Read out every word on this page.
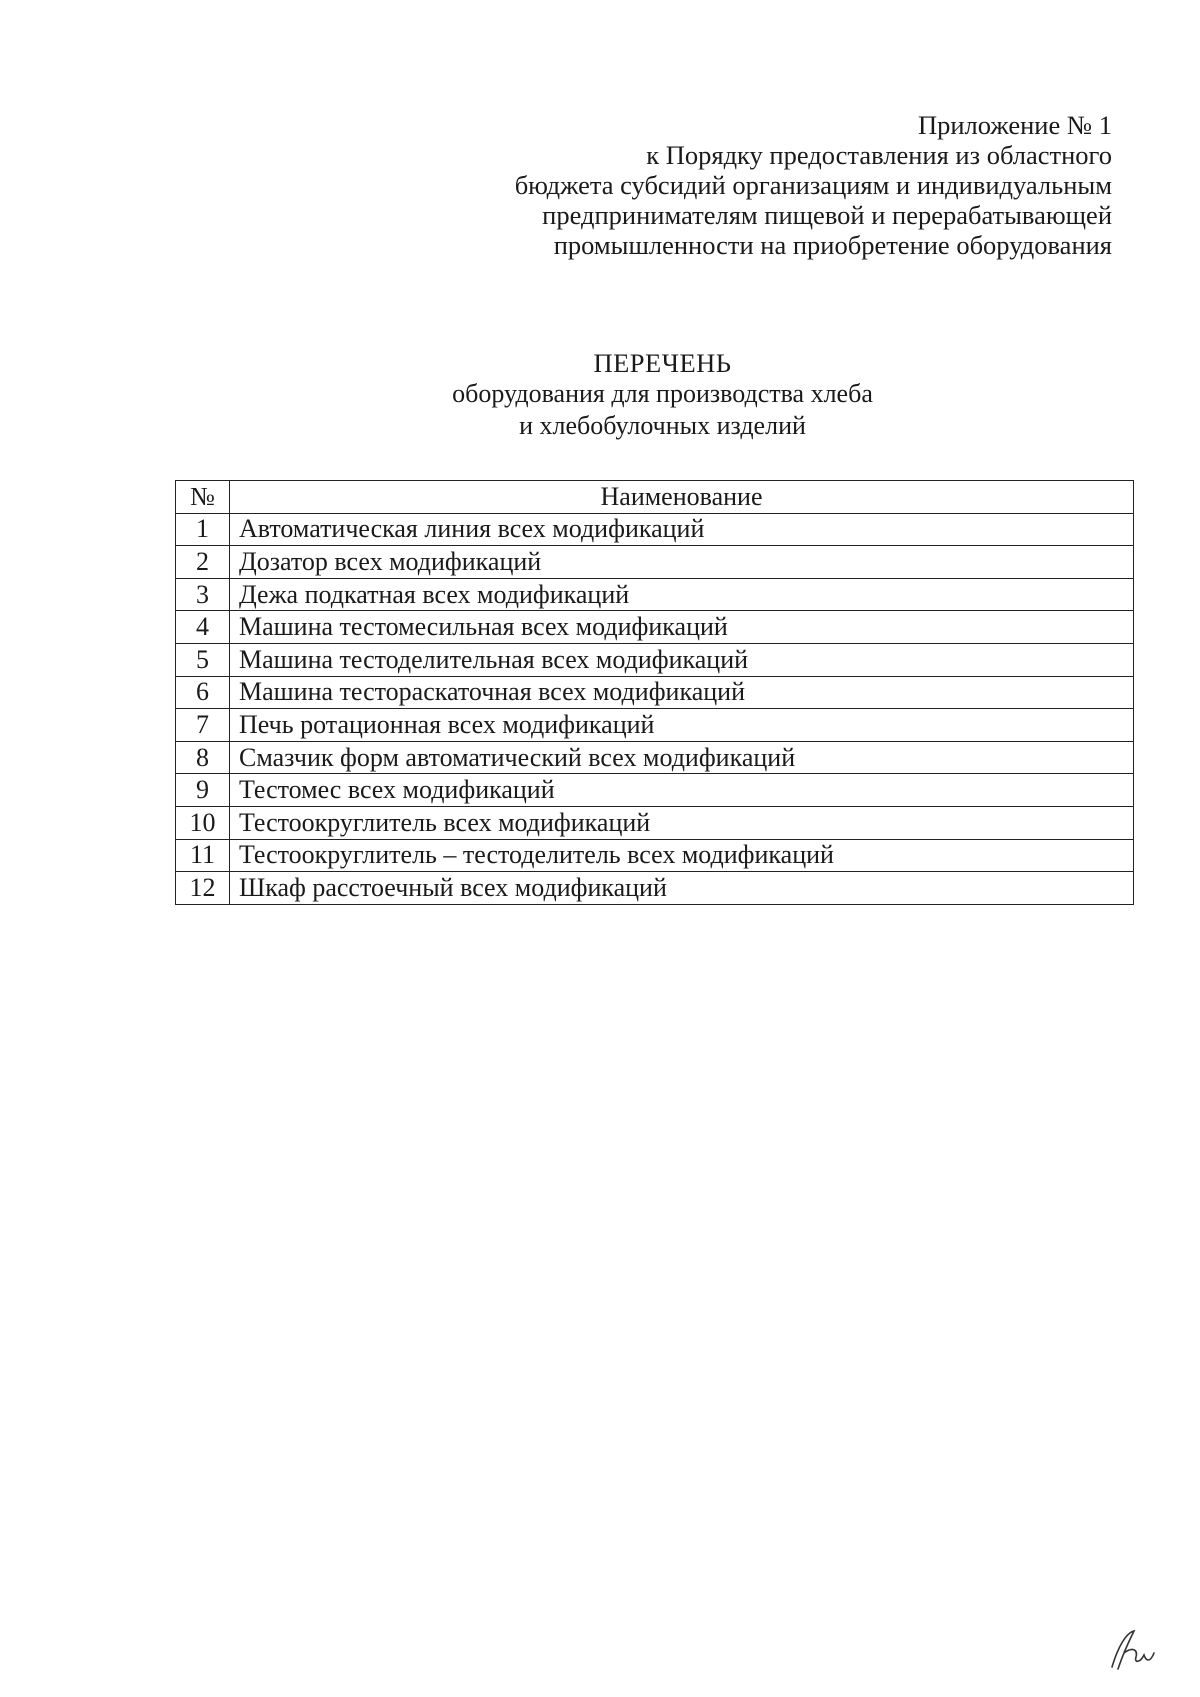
Приложение № 1
к Порядку предоставления из областного
бюджета субсидий организациям и индивидуальным
предпринимателям пищевой и перерабатывающей
промышленности на приобретение оборудования
ПЕРЕЧЕНЬ
оборудования для производства хлеба
и хлебобулочных изделий
№	Наименование
1	Автоматическая линия всех модификаций
2	Дозатор всех модификаций
3	Дежа подкатная всех модификаций
4	Машина тестомесильная всех модификаций
5	Машина тестоделительная всех модификаций
6	Машина тестораскаточная всех модификаций
7	Печь ротационная всех модификаций
8	Смазчик форм автоматический всех модификаций
9	Тестомес всех модификаций
10	Тестоокруглитель всех модификаций
11	Тестоокруглитель – тестоделитель всех модификаций
12	Шкаф расстоечный всех модификаций
